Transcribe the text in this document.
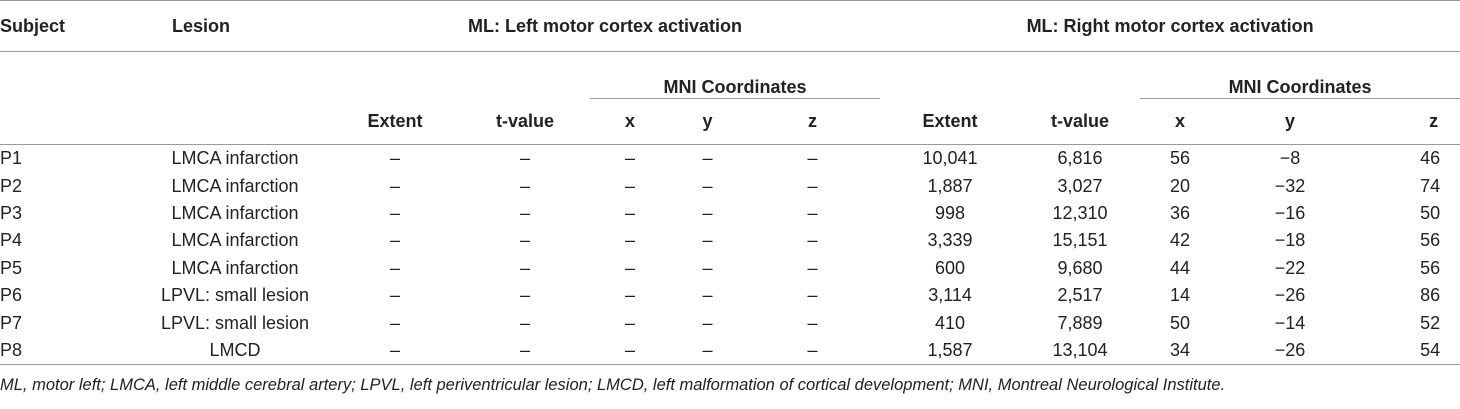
Subject	Lesion	ML: Left motor cortex activation					ML: Right motor cortex activation				
				MNI Coordinates					MNI Coordinates		
		Extent	t-value	x	y	z	Extent	t-value	x	y	z
P1	LMCA infarction	–	–	–	–	–	10,041	6,816	56	−8	46
P2	LMCA infarction	–	–	–	–	–	1,887	3,027	20	−32	74
P3	LMCA infarction	–	–	–	–	–	998	12,310	36	−16	50
P4	LMCA infarction	–	–	–	–	–	3,339	15,151	42	−18	56
P5	LMCA infarction	–	–	–	–	–	600	9,680	44	−22	56
P6	LPVL: small lesion	–	–	–	–	–	3,114	2,517	14	−26	86
P7	LPVL: small lesion	–	–	–	–	–	410	7,889	50	−14	52
P8	LMCD	–	–	–	–	–	1,587	13,104	34	−26	54
ML, motor left; LMCA, left middle cerebral artery; LPVL, left periventricular lesion; LMCD, left malformation of cortical development; MNI, Montreal Neurological Institute.
